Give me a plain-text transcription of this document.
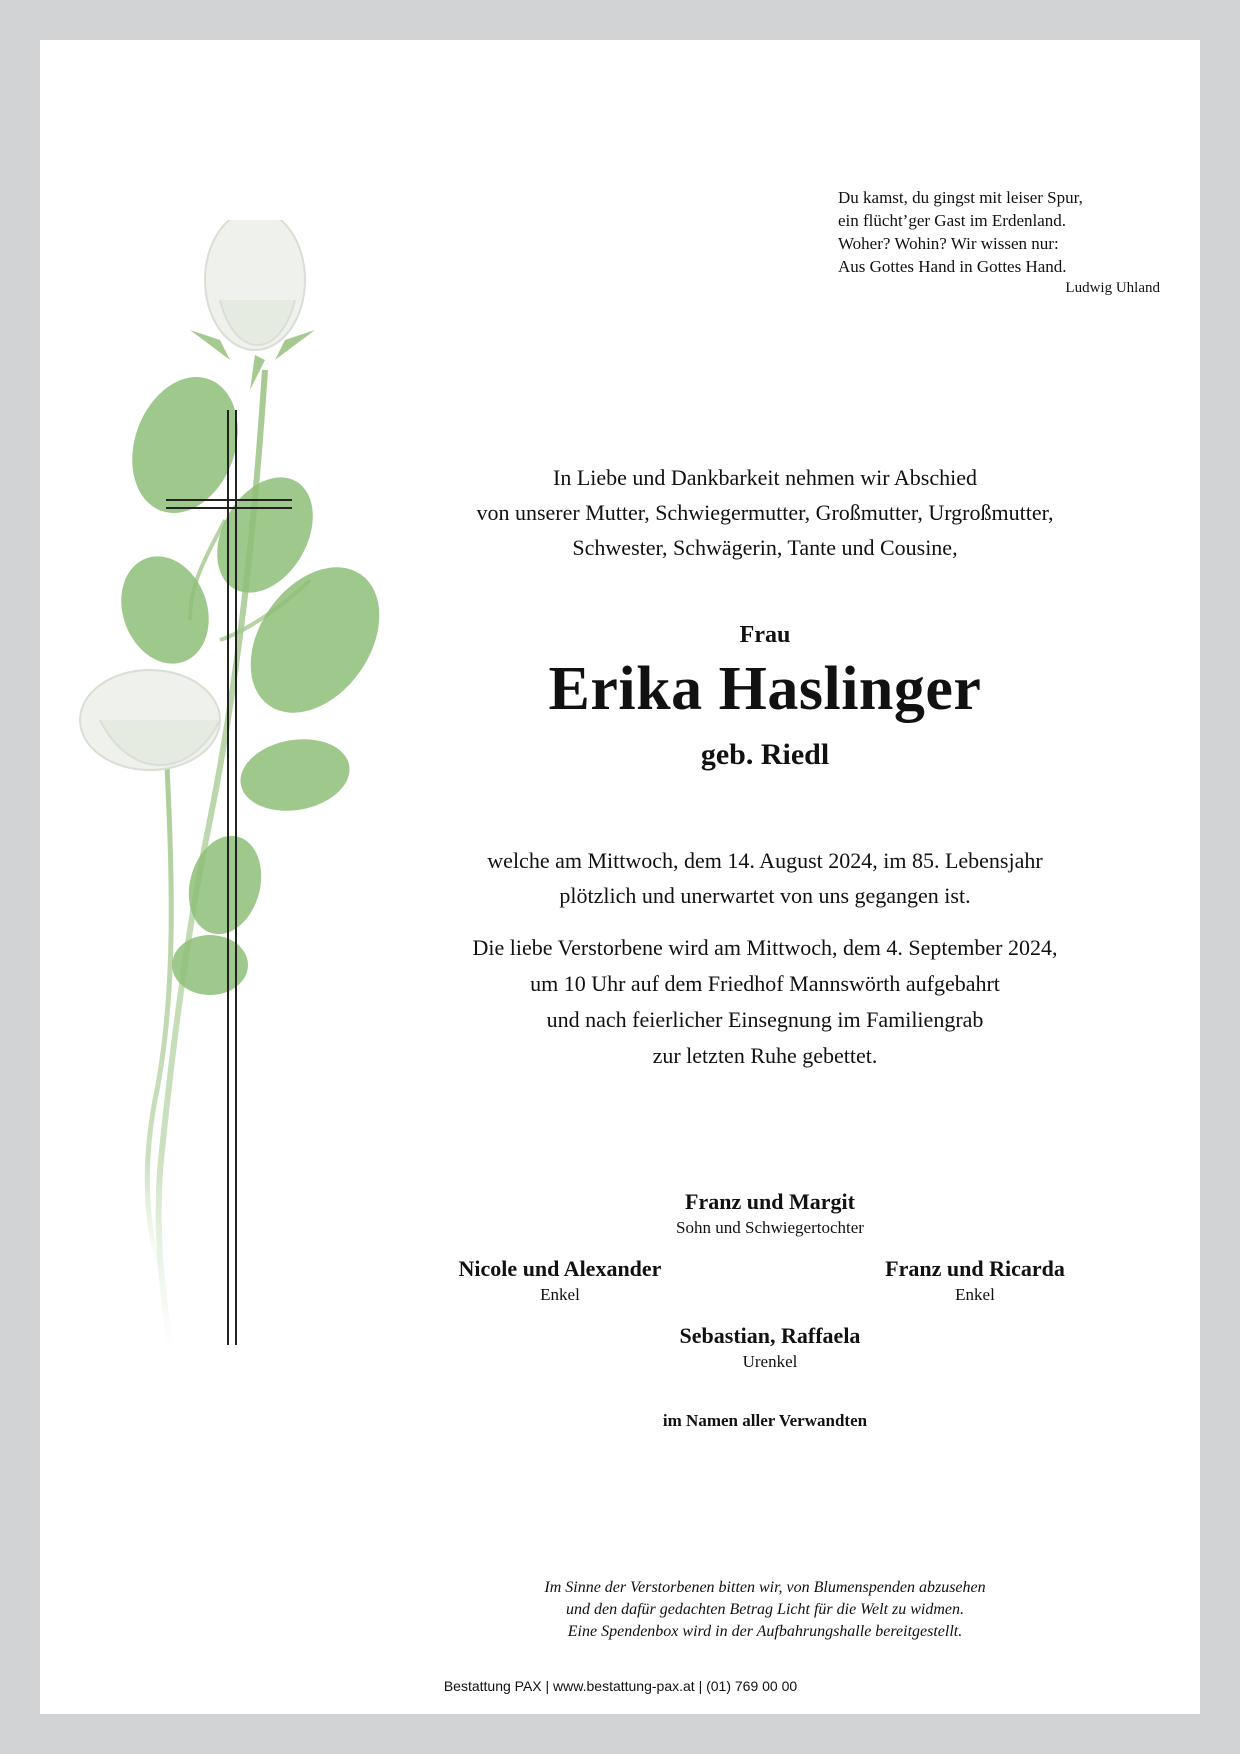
Du kamst, du gingst mit leiser Spur,
ein flücht’ger Gast im Erdenland.
Woher? Wohin? Wir wissen nur:
Aus Gottes Hand in Gottes Hand.
Ludwig Uhland
In Liebe und Dankbarkeit nehmen wir Abschied
von unserer Mutter, Schwiegermutter, Großmutter, Urgroßmutter,
Schwester, Schwägerin, Tante und Cousine,
Frau
Erika Haslinger
geb. Riedl
welche am Mittwoch, dem 14. August 2024, im 85. Lebensjahr
plötzlich und unerwartet von uns gegangen ist.
Die liebe Verstorbene wird am Mittwoch, dem 4. September 2024,
um 10 Uhr auf dem Friedhof Mannswörth aufgebahrt
und nach feierlicher Einsegnung im Familiengrab
zur letzten Ruhe gebettet.
Franz und Margit
Sohn und Schwiegertochter
Nicole und Alexander
Enkel
Franz und Ricarda
Enkel
Sebastian, Raffaela
Urenkel
im Namen aller Verwandten
Im Sinne der Verstorbenen bitten wir, von Blumenspenden abzusehen
und den dafür gedachten Betrag Licht für die Welt zu widmen.
Eine Spendenbox wird in der Aufbahrungshalle bereitgestellt.
Bestattung PAX | www.bestattung-pax.at | (01) 769 00 00
